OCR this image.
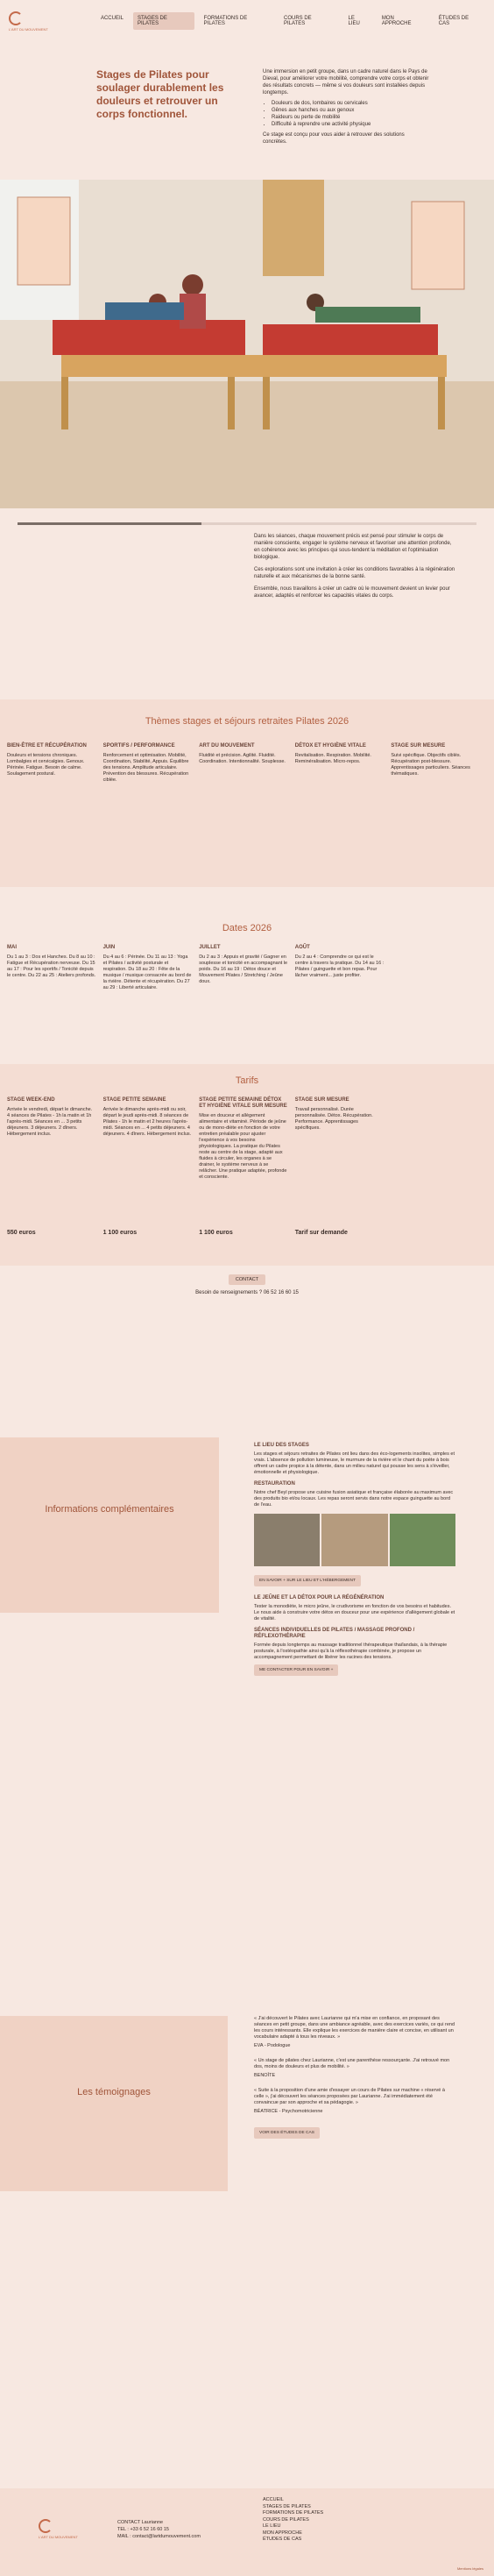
L'ART DU MOUVEMENT
ACCUEIL	STAGES DE PILATES
FORMATIONS DE PILATES
COURS DE PILATES
LE LIEU
MON APPROCHE
ÉTUDES DE CAS
Stages de Pilates pour soulager durablement les douleurs et retrouver un corps fonctionnel.
Une immersion en petit groupe, dans un cadre naturel dans le Pays de Dieval, pour améliorer votre mobilité, comprendre votre corps et obtenir des résultats concrets — même si vos douleurs sont installées depuis longtemps.
• Douleurs de dos, lombaires ou cervicales
• Gênes aux hanches ou aux genoux
• Raideurs ou perte de mobilité
• Difficulté à reprendre une activité physique
Ce stage est conçu pour vous aider à retrouver des solutions concrètes.

Dans les séances, chaque mouvement précis est pensé pour stimuler le corps de manière consciente, engager le système nerveux et favoriser une attention profonde, en cohérence avec les principes qui sous-tendent la méditation et l'optimisation biologique.

Ces explorations sont une invitation à créer les conditions favorables à la régénération naturelle et aux mécanismes de la bonne santé.

Ensemble, nous travaillons à créer un cadre où le mouvement devient un levier pour avancer, adaptés et renforcer les capacités vitales du corps.

Thèmes stages et séjours retraites Pilates 2026
BIEN-ÊTRE ET RÉCUPÉRATION
Douleurs et tensions chroniques. Lombalgies et cervicalgies. Genoux. Périnée. Fatigue. Besoin de calme. Soulagement postural.
SPORTIFS / PERFORMANCE
Renforcement et optimisation. Mobilité, Coordination, Stabilité, Appuis. Équilibre des tensions. Amplitude articulaire. Prévention des blessures. Récupération ciblée.
ART DU MOUVEMENT
Fluidité et précision. Agilité. Fluidité. Coordination. Intentionnalité. Souplesse.
DÉTOX ET HYGIÈNE VITALE
Revitalisation. Respiration. Mobilité. Reminéralisation. Micro-repos.
STAGE SUR MESURE
Suivi spécifique. Objectifs ciblés. Récupération post-blessure. Apprentissages particuliers. Séances thématiques.
Dates 2026
MAI
Du 1 au 3 : Dos et Hanches. Du 8 au 10 : Fatigue et Récupération nerveuse. Du 15 au 17 : Pour les sportifs / Tonicité depuis le centre. Du 22 au 25 : Ateliers profonds.
JUIN
Du 4 au 6 : Périnée. Du 11 au 13 : Yoga et Pilates / activité posturale et respiration. Du 18 au 20 : Fête de la musique / musique consacrée au bord de la rivière. Détente et récupération. Du 27 au 29 : Liberté articulaire.
JUILLET
Du 2 au 3 : Appuis et gravité / Gagner en souplesse et tonicité en accompagnant le poids. Du 16 au 19 : Détox douce et Mouvement Pilates / Stretching / Jeûne doux.
AOÛT
Du 2 au 4 : Comprendre ce qui est le centre à travers la pratique. Du 14 au 16 : Pilates / guinguette et bon repas. Pour lâcher vraiment... juste profiter.
Tarifs
STAGE WEEK-END
Arrivée le vendredi, départ le dimanche. 4 séances de Pilates - 1h la matin et 1h l'après-midi. Séances en ... 3 petits déjeuners. 3 déjeuners. 2 dîners. Hébergement inclus.
550 euros
STAGE PETITE SEMAINE
Arrivée le dimanche après-midi ou soir, départ le jeudi après-midi. 8 séances de Pilates - 1h le matin et 2 heures l'après-midi. Séances en ... 4 petits déjeuners. 4 déjeuners. 4 dîners. Hébergement inclus.
1 100 euros
STAGE PETITE SEMAINE DÉTOX ET HYGIÈNE VITALE SUR MESURE
Mise en douceur et allègement alimentaire et vitaminé. Période de jeûne ou de mono-diète en fonction de votre entretien préalable pour ajuster l'expérience à vos besoins physiologiques. La pratique du Pilates reste au centre de la stage, adapté aux fluides à circuler, les organes à se drainer, le système nerveux à se relâcher. Une pratique adaptée, profonde et consciente.
1 100 euros
STAGE SUR MESURE
Travail personnalisé. Durée personnalisée. Détox. Récupération. Performance. Apprentissages spécifiques.
Tarif sur demande
CONTACT
Besoin de renseignements ? 06 52 16 60 15
Informations complémentaires
LE LIEU DES STAGES
Les stages et séjours retraites de Pilates ont lieu dans des éco-logements insolites, simples et vrais. L'absence de pollution lumineuse, le murmure de la rivière et le chant du poète à bois offrent un cadre propice à la détente, dans un milieu naturel qui pousse les sens à s'éveiller, émotionnelle et physiologique.
RESTAURATION
Notre chef Beyl propose une cuisine fusion asiatique et française élaborée au maximum avec des produits bio et/ou locaux. Les repas seront servis dans notre espace guinguette au bord de l'eau.
EN SAVOIR + SUR LE LIEU ET L'HÉBERGEMENT
LE JEÛNE ET LA DÉTOX POUR LA RÉGÉNÉRATION
Tester la monodiète, le micro jeûne, le crudivorisme en fonction de vos besoins et habitudes. Le nous aide à construire votre détox en douceur pour une expérience d'allègement globale et de vitalité.
SÉANCES INDIVIDUELLES DE PILATES / MASSAGE PROFOND / RÉFLEXOTHÉRAPIE
Formée depuis longtemps au massage traditionnel thérapeutique thaïlandais, à la thérapie posturale, à l'ostéopathie ainsi qu'à la réflexothérapie combinée, je propose un accompagnement permettant de libérer les racines des tensions.
ME CONTACTER POUR EN SAVOIR +
Les témoignages

« J'ai découvert le Pilates avec Laurianne qui m'a mise en confiance, en proposant des séances en petit groupe, dans une ambiance agréable, avec des exercices variés, ce qui rend les cours intéressants. Elle explique les exercices de manière claire et concise, en utilisant un vocabulaire adapté à tous les niveaux. »

EVA - Podologue

« Un stage de pilates chez Laurianne, c'est une parenthèse ressourçante. J'ai retrouvé mon dos, moins de douleurs et plus de mobilité. »

BENOÎTE

« Suite à la proposition d'une amie d'essayer un cours de Pilates sur machine « réservé à celle », j'ai découvert les séances proposées par Laurianne. J'ai immédiatement été convaincue par son approche et sa pédagogie. »

BÉATRICE - Psychomotricienne

VOIR DES ÉTUDES DE CAS
L'ART DU MOUVEMENT
CONTACT Laurianne
TEL : +33 6 52 16 60 15
MAIL : contact@lartdumouvement.com
ACCUEIL
STAGES DE PILATES
FORMATIONS DE PILATES
COURS DE PILATES
LE LIEU
MON APPROCHE
ÉTUDES DE CAS
Mentions légales
